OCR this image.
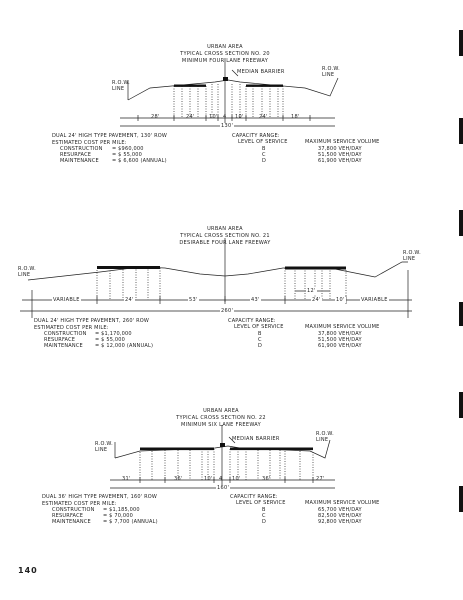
URBAN AREA
TYPICAL CROSS SECTION NO. 20
MINIMUM FOUR LANE FREEWAY
R.O.W.
LINE
R.O.W.
LINE
MEDIAN BARRIER
28'	24'	10' 4 10'	24'	18'
130'
DUAL 24' HIGH TYPE PAVEMENT, 130' ROW
ESTIMATED COST PER MILE:
CONSTRUCTION = $960,000
RESURFACE	= $ 55,000
MAINTENANCE	= $ 6,600 (ANNUAL)
CAPACITY RANGE:
LEVEL OF SERVICE	MAXIMUM SERVICE VOLUME
B	37,800 VEH/DAY
C	51,500 VEH/DAY
D	61,900 VEH/DAY
URBAN AREA
TYPICAL CROSS SECTION NO. 21
DESIRABLE FOUR LANE FREEWAY
R.O.W.
LINE
R.O.W.
LINE
VARIABLE	24'	53'	43'
12'
24'	10'	VARIABLE
260'
DUAL 24' HIGH TYPE PAVEMENT, 260' ROW
ESTIMATED COST PER MILE:
CONSTRUCTION = $1,170,000
RESURFACE	= $ 55,000
MAINTENANCE = $ 12,000 (ANNUAL)
CAPACITY RANGE:
LEVEL OF SERVICE	MAXIMUM SERVICE VOLUME
B	37,800 VEH/DAY
C	51,500 VEH/DAY
D	61,900 VEH/DAY
URBAN AREA
TYPICAL CROSS SECTION NO. 22
MINIMUM SIX LANE FREEWAY
R.O.W.
LINE
R.O.W.
LINE
MEDIAN BARRIER
31'	36'	10' 4 10'	36'	27'
160'
DUAL 36' HIGH TYPE PAVEMENT, 160' ROW
ESTIMATED COST PER MILE:
CONSTRUCTION = $1,185,000
RESURFACE	= $ 70,000
MAINTENANCE = $ 7,700 (ANNUAL)
CAPACITY RANGE:
LEVEL OF SERVICE	MAXIMUM SERVICE VOLUME
B	65,700 VEH/DAY
C	82,500 VEH/DAY
D	92,800 VEH/DAY
140
